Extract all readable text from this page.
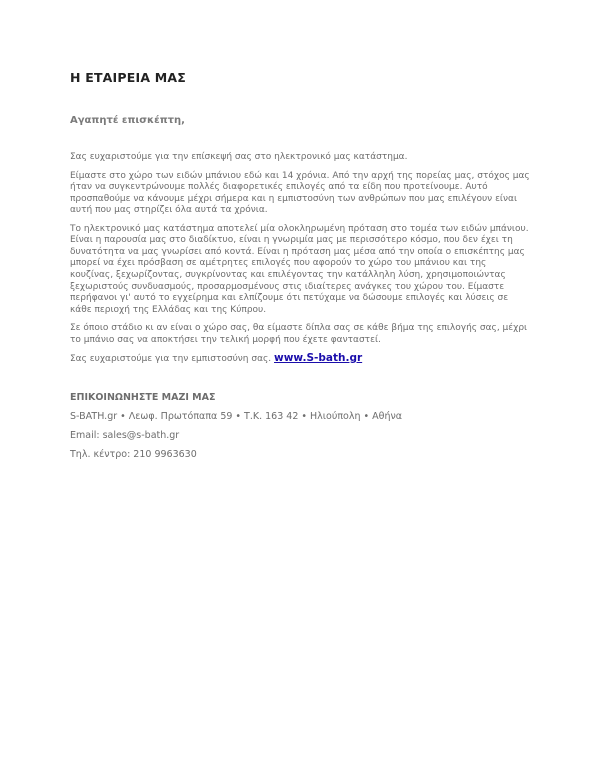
Η ΕΤΑΙΡΕΙΑ ΜΑΣ
Αγαπητέ επισκέπτη,

Σας ευχαριστούμε για την επίσκεψή σας στο ηλεκτρονικό μας κατάστημα.

Είμαστε στο χώρο των ειδών μπάνιου εδώ και 14 χρόνια. Από την αρχή της πορείας μας, στόχος μας ήταν να συγκεντρώνουμε πολλές διαφορετικές επιλογές από τα είδη που προτείνουμε. Αυτό προσπαθούμε να κάνουμε μέχρι σήμερα και η εμπιστοσύνη των ανθρώπων που μας επιλέγουν είναι αυτή που μας στηρίζει όλα αυτά τα χρόνια.

Το ηλεκτρονικό μας κατάστημα αποτελεί μία ολοκληρωμένη πρόταση στο τομέα των ειδών μπάνιου. Είναι η παρουσία μας στο διαδίκτυο, είναι η γνωριμία μας με περισσότερο κόσμο, που δεν έχει τη δυνατότητα να μας γνωρίσει από κοντά. Είναι η πρόταση μας μέσα από την οποία ο επισκέπτης μας μπορεί να έχει πρόσβαση σε αμέτρητες επιλογές που αφορούν το χώρο του μπάνιου και της κουζίνας, ξεχωρίζοντας, συγκρίνοντας και επιλέγοντας την κατάλληλη λύση, χρησιμοποιώντας ξεχωριστούς συνδυασμούς, προσαρμοσμένους στις ιδιαίτερες ανάγκες του χώρου του. Είμαστε περήφανοι γι' αυτό το εγχείρημα και ελπίζουμε ότι πετύχαμε να δώσουμε επιλογές και λύσεις σε κάθε περιοχή της Ελλάδας και της Κύπρου.

Σε όποιο στάδιο κι αν είναι ο χώρο σας, θα είμαστε δίπλα σας σε κάθε βήμα της επιλογής σας, μέχρι το μπάνιο σας να αποκτήσει την τελική μορφή που έχετε φανταστεί.

Σας ευχαριστούμε για την εμπιστοσύνη σας. www.S-bath.gr

ΕΠΙΚΟΙΝΩΝΗΣΤΕ ΜΑΖΙ ΜΑΣ
S-BATH.gr • Λεωφ. Πρωτόπαπα 59 • Τ.Κ. 163 42 • Ηλιούπολη • Αθήνα
Email: sales@s-bath.gr
Τηλ. κέντρο: 210 9963630
